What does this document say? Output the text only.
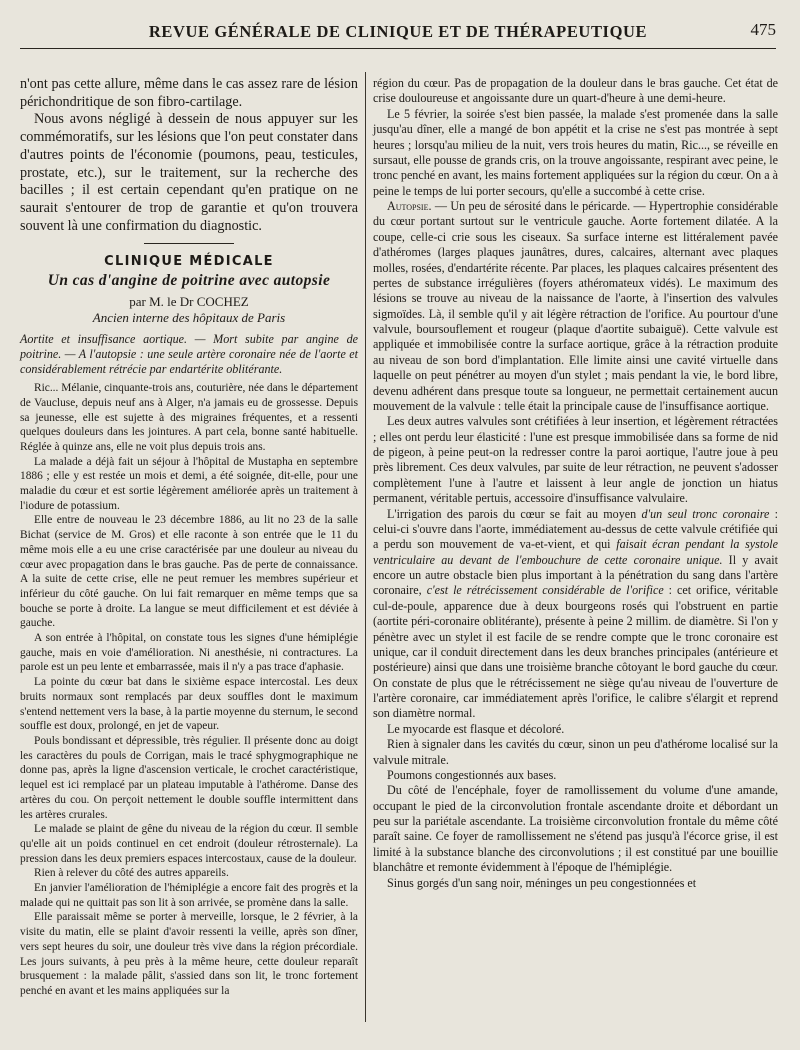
REVUE GÉNÉRALE DE CLINIQUE ET DE THÉRAPEUTIQUE	475

n'ont pas cette allure, même dans le cas assez rare de lésion périchondritique de son fibro-cartilage.

Nous avons négligé à dessein de nous appuyer sur les commémoratifs, sur les lésions que l'on peut constater dans d'autres points de l'économie (poumons, peau, testicules, prostate, etc.), sur le traitement, sur la recherche des bacilles ; il est certain cependant qu'en pratique on ne saurait s'entourer de trop de garantie et qu'on trouvera souvent là une confirmation du diagnostic.

CLINIQUE MÉDICALE
Un cas d'angine de poitrine avec autopsie
par M. le Dr COCHEZ
Ancien interne des hôpitaux de Paris

Aortite et insuffisance aortique. — Mort subite par angine de poitrine. — A l'autopsie : une seule artère coronaire née de l'aorte et considérablement rétrécie par endartérite oblitérante.

Ric... Mélanie, cinquante-trois ans, couturière, née dans le département de Vaucluse, depuis neuf ans à Alger, n'a jamais eu de grossesse. Depuis sa jeunesse, elle est sujette à des migraines fréquentes, et a ressenti quelques douleurs dans les jointures. A part cela, bonne santé habituelle. Réglée à quinze ans, elle ne voit plus depuis trois ans.

La malade a déjà fait un séjour à l'hôpital de Mustapha en septembre 1886 ; elle y est restée un mois et demi, a été soignée, dit-elle, pour une maladie du cœur et est sortie légèrement améliorée après un traitement à l'iodure de potassium.

Elle entre de nouveau le 23 décembre 1886, au lit no 23 de la salle Bichat (service de M. Gros) et elle raconte à son entrée que le 11 du même mois elle a eu une crise caractérisée par une douleur au niveau du cœur avec propagation dans le bras gauche. Pas de perte de connaissance. A la suite de cette crise, elle ne peut remuer les membres supérieur et inférieur du côté gauche. On lui fait remarquer en même temps que sa bouche se porte à droite. La langue se meut difficilement et est déviée à gauche.

A son entrée à l'hôpital, on constate tous les signes d'une hémiplégie gauche, mais en voie d'amélioration. Ni anesthésie, ni contractures. La parole est un peu lente et embarrassée, mais il n'y a pas trace d'aphasie.

La pointe du cœur bat dans le sixième espace intercostal. Les deux bruits normaux sont remplacés par deux souffles dont le maximum s'entend nettement vers la base, à la partie moyenne du sternum, le second souffle est doux, prolongé, en jet de vapeur.

Pouls bondissant et dépressible, très régulier. Il présente donc au doigt les caractères du pouls de Corrigan, mais le tracé sphygmographique ne donne pas, après la ligne d'ascension verticale, le crochet caractéristique, lequel est ici remplacé par un plateau imputable à l'athérome. Danse des artères du cou. On perçoit nettement le double souffle intermittent dans les artères crurales.

Le malade se plaint de gêne du niveau de la région du cœur. Il semble qu'elle ait un poids continuel en cet endroit (douleur rétrosternale). La pression dans les deux premiers espaces intercostaux, cause de la douleur.

Rien à relever du côté des autres appareils.

En janvier l'amélioration de l'hémiplégie a encore fait des progrès et la malade qui ne quittait pas son lit à son arrivée, se promène dans la salle.

Elle paraissait même se porter à merveille, lorsque, le 2 février, à la visite du matin, elle se plaint d'avoir ressenti la veille, après son dîner, vers sept heures du soir, une douleur très vive dans la région précordiale. Les jours suivants, à peu près à la même heure, cette douleur reparaît brusquement : la malade pâlit, s'assied dans son lit, le tronc fortement penché en avant et les mains appliquées sur la

région du cœur. Pas de propagation de la douleur dans le bras gauche. Cet état de crise douloureuse et angoissante dure un quart-d'heure à une demi-heure.

Le 5 février, la soirée s'est bien passée, la malade s'est promenée dans la salle jusqu'au dîner, elle a mangé de bon appétit et la crise ne s'est pas montrée à sept heures ; lorsqu'au milieu de la nuit, vers trois heures du matin, Ric..., se réveille en sursaut, elle pousse de grands cris, on la trouve angoissante, respirant avec peine, le tronc penché en avant, les mains fortement appliquées sur la région du cœur. On a à peine le temps de lui porter secours, qu'elle a succombé à cette crise.

Autopsie. — Un peu de sérosité dans le péricarde. — Hypertrophie considérable du cœur portant surtout sur le ventricule gauche. Aorte fortement dilatée. A la coupe, celle-ci crie sous les ciseaux. Sa surface interne est littéralement pavée d'athéromes (larges plaques jaunâtres, dures, calcaires, alternant avec plaques molles, rosées, d'endartérite récente. Par places, les plaques calcaires présentent des pertes de substance irrégulières (foyers athéromateux vidés). Le maximum des lésions se trouve au niveau de la naissance de l'aorte, à l'insertion des valvules sigmoïdes. Là, il semble qu'il y ait légère rétraction de l'orifice. Au pourtour d'une valvule, boursouflement et rougeur (plaque d'aortite subaiguë). Cette valvule est appliquée et immobilisée contre la surface aortique, grâce à la rétraction produite au niveau de son bord d'implantation. Elle limite ainsi une cavité virtuelle dans laquelle on peut pénétrer au moyen d'un stylet ; mais pendant la vie, le bord libre, devenu adhérent dans presque toute sa longueur, ne permettait certainement aucun mouvement de la valvule : telle était la principale cause de l'insuffisance aortique.

Les deux autres valvules sont crétifiées à leur insertion, et légèrement rétractées ; elles ont perdu leur élasticité : l'une est presque immobilisée dans sa forme de nid de pigeon, à peine peut-on la redresser contre la paroi aortique, l'autre joue à peu près librement. Ces deux valvules, par suite de leur rétraction, ne peuvent s'adosser complètement l'une à l'autre et laissent à leur angle de jonction un hiatus permanent, véritable pertuis, accessoire d'insuffisance valvulaire.

L'irrigation des parois du cœur se fait au moyen d'un seul tronc coronaire : celui-ci s'ouvre dans l'aorte, immédiatement au-dessus de cette valvule crétifiée qui a perdu son mouvement de va-et-vient, et qui faisait écran pendant la systole ventriculaire au devant de l'embouchure de cette coronaire unique. Il y avait encore un autre obstacle bien plus important à la pénétration du sang dans l'artère coronaire, c'est le rétrécissement considérable de l'orifice : cet orifice, véritable cul-de-poule, apparence due à deux bourgeons rosés qui l'obstruent en partie (aortite péri-coronaire oblitérante), présente à peine 2 millim. de diamètre. Si l'on y pénètre avec un stylet il est facile de se rendre compte que le tronc coronaire est unique, car il conduit directement dans les deux branches principales (antérieure et postérieure) ainsi que dans une troisième branche côtoyant le bord gauche du cœur. On constate de plus que le rétrécissement ne siège qu'au niveau de l'ouverture de l'artère coronaire, car immédiatement après l'orifice, le calibre s'élargit et reprend son diamètre normal.

Le myocarde est flasque et décoloré.

Rien à signaler dans les cavités du cœur, sinon un peu d'athérome localisé sur la valvule mitrale.

Poumons congestionnés aux bases.

Du côté de l'encéphale, foyer de ramollissement du volume d'une amande, occupant le pied de la circonvolution frontale ascendante droite et débordant un peu sur la pariétale ascendante. La troisième circonvolution frontale du même côté paraît saine. Ce foyer de ramollissement ne s'étend pas jusqu'à l'écorce grise, il est limité à la substance blanche des circonvolutions ; il est constitué par une bouillie blanchâtre et remonte évidemment à l'époque de l'hémiplégie.

Sinus gorgés d'un sang noir, méninges un peu congestionnées et
